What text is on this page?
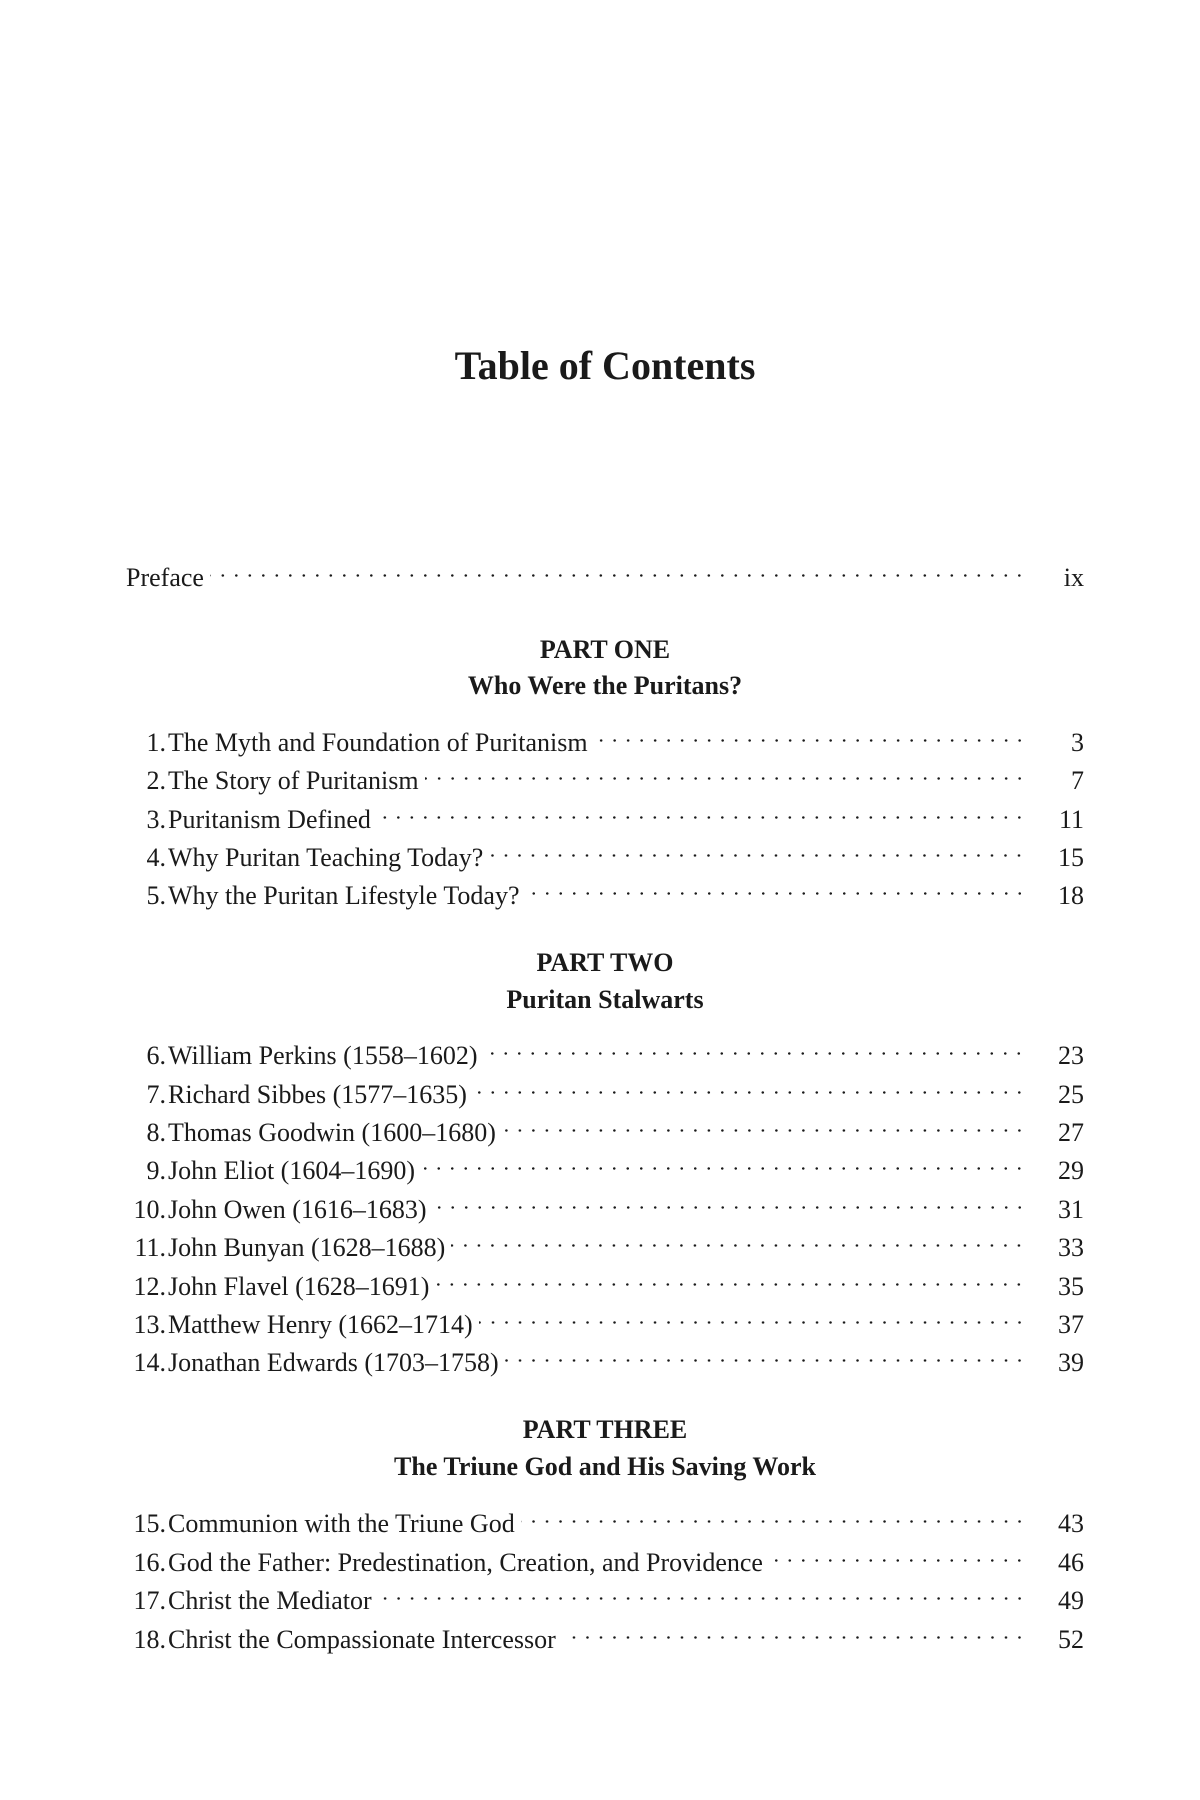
Table of Contents
Preface	ix
PART ONE
Who Were the Puritans?
1. The Myth and Foundation of Puritanism	3
2. The Story of Puritanism	7
3. Puritanism Defined	11
4. Why Puritan Teaching Today?	15
5. Why the Puritan Lifestyle Today?	18
PART TWO
Puritan Stalwarts
6. William Perkins (1558–1602)	23
7. Richard Sibbes (1577–1635)	25
8. Thomas Goodwin (1600–1680)	27
9. John Eliot (1604–1690)	29
10. John Owen (1616–1683)	31
11. John Bunyan (1628–1688)	33
12. John Flavel (1628–1691)	35
13. Matthew Henry (1662–1714)	37
14. Jonathan Edwards (1703–1758)	39
PART THREE
The Triune God and His Saving Work
15. Communion with the Triune God	43
16. God the Father: Predestination, Creation, and Providence	46
17. Christ the Mediator	49
18. Christ the Compassionate Intercessor	52
